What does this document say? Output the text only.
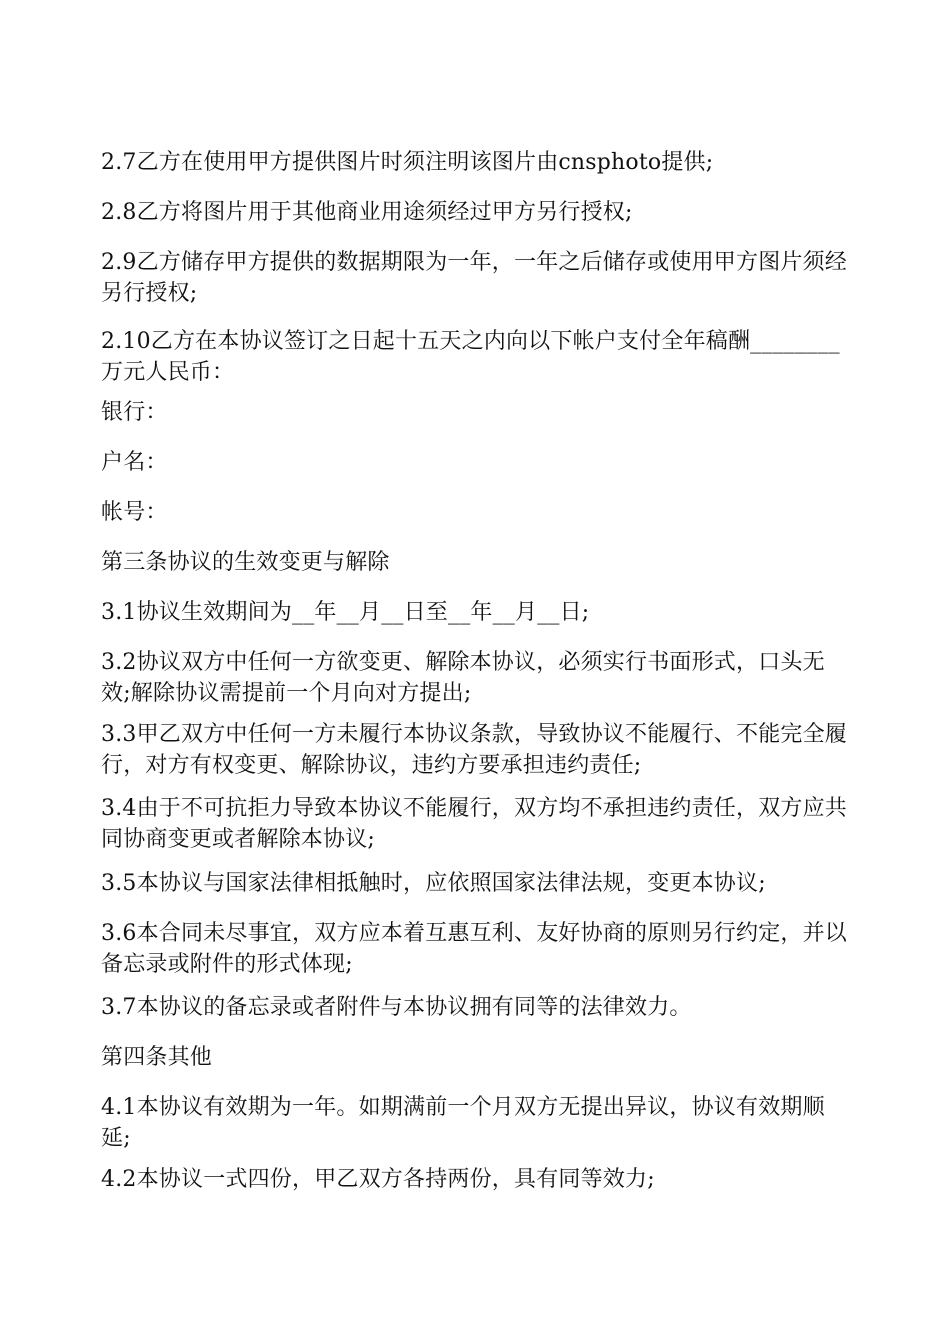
2.7乙方在使用甲方提供图片时须注明该图片由cnsphoto提供;

2.8乙方将图片用于其他商业用途须经过甲方另行授权;

2.9乙方储存甲方提供的数据期限为一年，一年之后储存或使用甲方图片须经另行授权;

2.10乙方在本协议签订之日起十五天之内向以下帐户支付全年稿酬________万元人民币：

银行：

户名：

帐号：

第三条协议的生效变更与解除

3.1协议生效期间为__年__月__日至__年__月__日;

3.2协议双方中任何一方欲变更、解除本协议，必须实行书面形式，口头无效;解除协议需提前一个月向对方提出;

3.3甲乙双方中任何一方未履行本协议条款，导致协议不能履行、不能完全履行，对方有权变更、解除协议，违约方要承担违约责任;

3.4由于不可抗拒力导致本协议不能履行，双方均不承担违约责任，双方应共同协商变更或者解除本协议;

3.5本协议与国家法律相抵触时，应依照国家法律法规，变更本协议;

3.6本合同未尽事宜，双方应本着互惠互利、友好协商的原则另行约定，并以备忘录或附件的形式体现;

3.7本协议的备忘录或者附件与本协议拥有同等的法律效力。

第四条其他

4.1本协议有效期为一年。如期满前一个月双方无提出异议，协议有效期顺延;

4.2本协议一式四份，甲乙双方各持两份，具有同等效力;
